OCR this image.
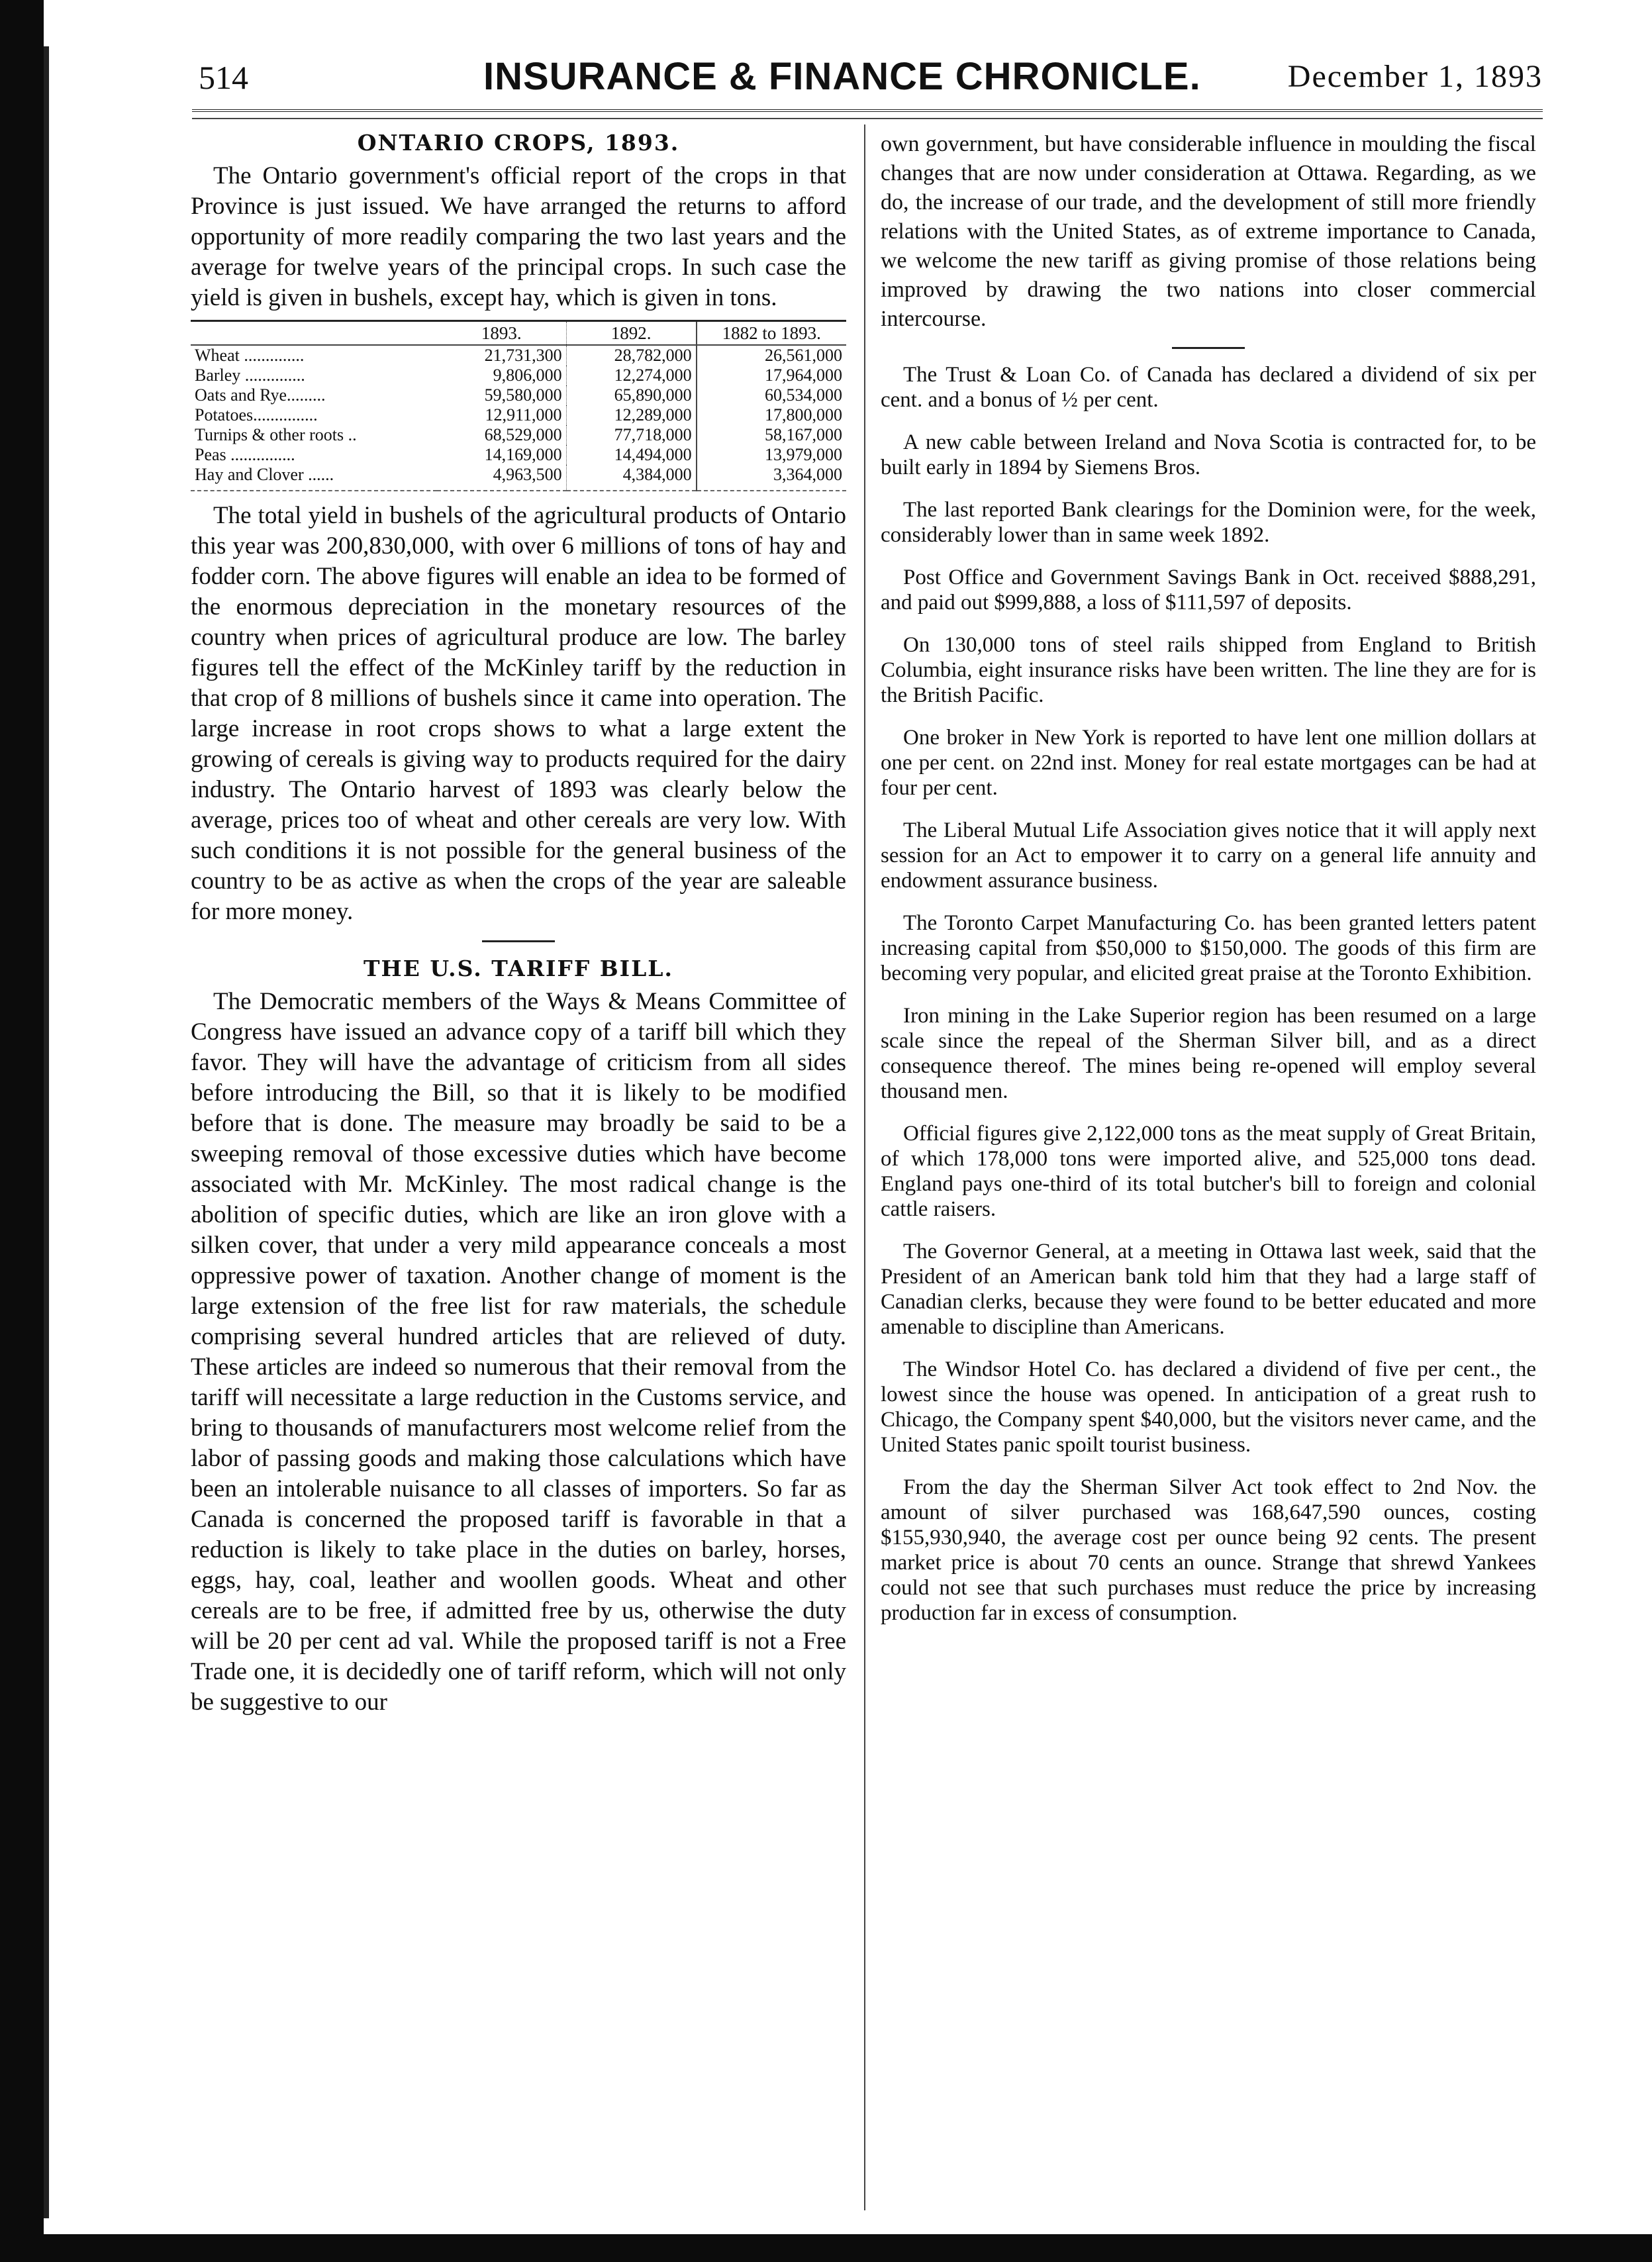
514	INSURANCE & FINANCE CHRONICLE.	December 1, 1893
ONTARIO CROPS, 1893.

The Ontario government's official report of the crops in that Province is just issued. We have arranged the returns to afford opportunity of more readily comparing the two last years and the average for twelve years of the principal crops. In such case the yield is given in bushels, except hay, which is given in tons.

	1893.	1892.	1882 to 1893.
Wheat ..............	21,731,300	28,782,000	26,561,000
Barley ..............	9,806,000	12,274,000	17,964,000
Oats and Rye.........	59,580,000	65,890,000	60,534,000
Potatoes...............	12,911,000	12,289,000	17,800,000
Turnips & other roots ..	68,529,000	77,718,000	58,167,000
Peas ...............	14,169,000	14,494,000	13,979,000
Hay and Clover ......	4,963,500	4,384,000	3,364,000

The total yield in bushels of the agricultural products of Ontario this year was 200,830,000, with over 6 millions of tons of hay and fodder corn. The above figures will enable an idea to be formed of the enormous depreciation in the monetary resources of the country when prices of agricultural produce are low. The barley figures tell the effect of the McKinley tariff by the reduction in that crop of 8 millions of bushels since it came into operation. The large increase in root crops shows to what a large extent the growing of cereals is giving way to products required for the dairy industry. The Ontario harvest of 1893 was clearly below the average, prices too of wheat and other cereals are very low. With such conditions it is not possible for the general business of the country to be as active as when the crops of the year are saleable for more money.

THE U.S. TARIFF BILL.

The Democratic members of the Ways & Means Committee of Congress have issued an advance copy of a tariff bill which they favor. They will have the advantage of criticism from all sides before introducing the Bill, so that it is likely to be modified before that is done. The measure may broadly be said to be a sweeping removal of those excessive duties which have become associated with Mr. McKinley. The most radical change is the abolition of specific duties, which are like an iron glove with a silken cover, that under a very mild appearance conceals a most oppressive power of taxation. Another change of moment is the large extension of the free list for raw materials, the schedule comprising several hundred articles that are relieved of duty. These articles are indeed so numerous that their removal from the tariff will necessitate a large reduction in the Customs service, and bring to thousands of manufacturers most welcome relief from the labor of passing goods and making those calculations which have been an intolerable nuisance to all classes of importers. So far as Canada is concerned the proposed tariff is favorable in that a reduction is likely to take place in the duties on barley, horses, eggs, hay, coal, leather and woollen goods. Wheat and other cereals are to be free, if admitted free by us, otherwise the duty will be 20 per cent ad val. While the proposed tariff is not a Free Trade one, it is decidedly one of tariff reform, which will not only be suggestive to our

own government, but have considerable influence in moulding the fiscal changes that are now under consideration at Ottawa. Regarding, as we do, the increase of our trade, and the development of still more friendly relations with the United States, as of extreme importance to Canada, we welcome the new tariff as giving promise of those relations being improved by drawing the two nations into closer commercial intercourse.

The Trust & Loan Co. of Canada has declared a dividend of six per cent. and a bonus of ½ per cent.

A new cable between Ireland and Nova Scotia is contracted for, to be built early in 1894 by Siemens Bros.

The last reported Bank clearings for the Dominion were, for the week, considerably lower than in same week 1892.

Post Office and Government Savings Bank in Oct. received $888,291, and paid out $999,888, a loss of $111,597 of deposits.

On 130,000 tons of steel rails shipped from England to British Columbia, eight insurance risks have been written. The line they are for is the British Pacific.

One broker in New York is reported to have lent one million dollars at one per cent. on 22nd inst. Money for real estate mortgages can be had at four per cent.

The Liberal Mutual Life Association gives notice that it will apply next session for an Act to empower it to carry on a general life annuity and endowment assurance business.

The Toronto Carpet Manufacturing Co. has been granted letters patent increasing capital from $50,000 to $150,000. The goods of this firm are becoming very popular, and elicited great praise at the Toronto Exhibition.

Iron mining in the Lake Superior region has been resumed on a large scale since the repeal of the Sherman Silver bill, and as a direct consequence thereof. The mines being re-opened will employ several thousand men.

Official figures give 2,122,000 tons as the meat supply of Great Britain, of which 178,000 tons were imported alive, and 525,000 tons dead. England pays one-third of its total butcher's bill to foreign and colonial cattle raisers.

The Governor General, at a meeting in Ottawa last week, said that the President of an American bank told him that they had a large staff of Canadian clerks, because they were found to be better educated and more amenable to discipline than Americans.

The Windsor Hotel Co. has declared a dividend of five per cent., the lowest since the house was opened. In anticipation of a great rush to Chicago, the Company spent $40,000, but the visitors never came, and the United States panic spoilt tourist business.

From the day the Sherman Silver Act took effect to 2nd Nov. the amount of silver purchased was 168,647,590 ounces, costing $155,930,940, the average cost per ounce being 92 cents. The present market price is about 70 cents an ounce. Strange that shrewd Yankees could not see that such purchases must reduce the price by increasing production far in excess of consumption.
